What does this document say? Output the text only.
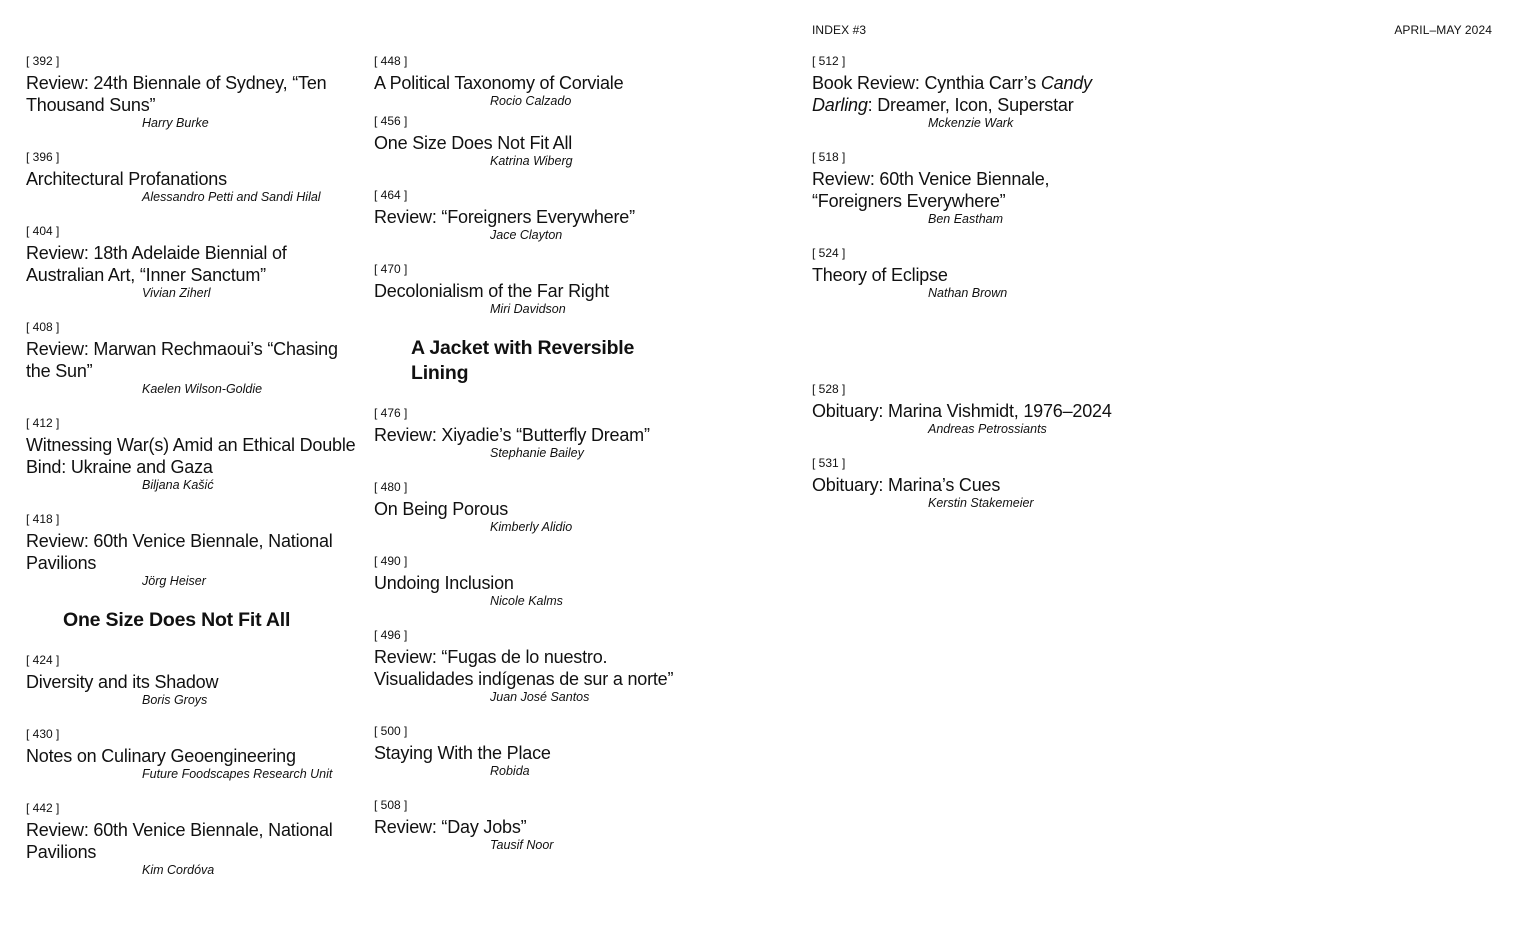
INDEX #3	APRIL–MAY 2024
[ 392 ]
Review: 24th Biennale of Sydney, “Ten Thousand Suns”
Harry Burke
[ 396 ]
Architectural Profanations
Alessandro Petti and Sandi Hilal
[ 404 ]
Review: 18th Adelaide Biennial of Australian Art, “Inner Sanctum”
Vivian Ziherl
[ 408 ]
Review: Marwan Rechmaoui’s “Chasing the Sun”
Kaelen Wilson-Goldie
[ 412 ]
Witnessing War(s) Amid an Ethical Double Bind: Ukraine and Gaza
Biljana Kašić
[ 418 ]
Review: 60th Venice Biennale, National Pavilions
Jörg Heiser
One Size Does Not Fit All
[ 424 ]
Diversity and its Shadow
Boris Groys
[ 430 ]
Notes on Culinary Geoengineering
Future Foodscapes Research Unit
[ 442 ]
Review: 60th Venice Biennale, National Pavilions
Kim Cordóva
[ 448 ]
A Political Taxonomy of Corviale
Rocio Calzado
[ 456 ]
One Size Does Not Fit All
Katrina Wiberg
[ 464 ]
Review: “Foreigners Everywhere”
Jace Clayton
[ 470 ]
Decolonialism of the Far Right
Miri Davidson
A Jacket with Reversible Lining
[ 476 ]
Review: Xiyadie’s “Butterfly Dream”
Stephanie Bailey
[ 480 ]
On Being Porous
Kimberly Alidio
[ 490 ]
Undoing Inclusion
Nicole Kalms
[ 496 ]
Review: “Fugas de lo nuestro. Visualidades indígenas de sur a norte”
Juan José Santos
[ 500 ]
Staying With the Place
Robida
[ 508 ]
Review: “Day Jobs”
Tausif Noor
[ 512 ]
Book Review: Cynthia Carr’s Candy Darling: Dreamer, Icon, Superstar
Mckenzie Wark
[ 518 ]
Review: 60th Venice Biennale, “Foreigners Everywhere”
Ben Eastham
[ 524 ]
Theory of Eclipse
Nathan Brown
[ 528 ]
Obituary: Marina Vishmidt, 1976–2024
Andreas Petrossiants
[ 531 ]
Obituary: Marina’s Cues
Kerstin Stakemeier
